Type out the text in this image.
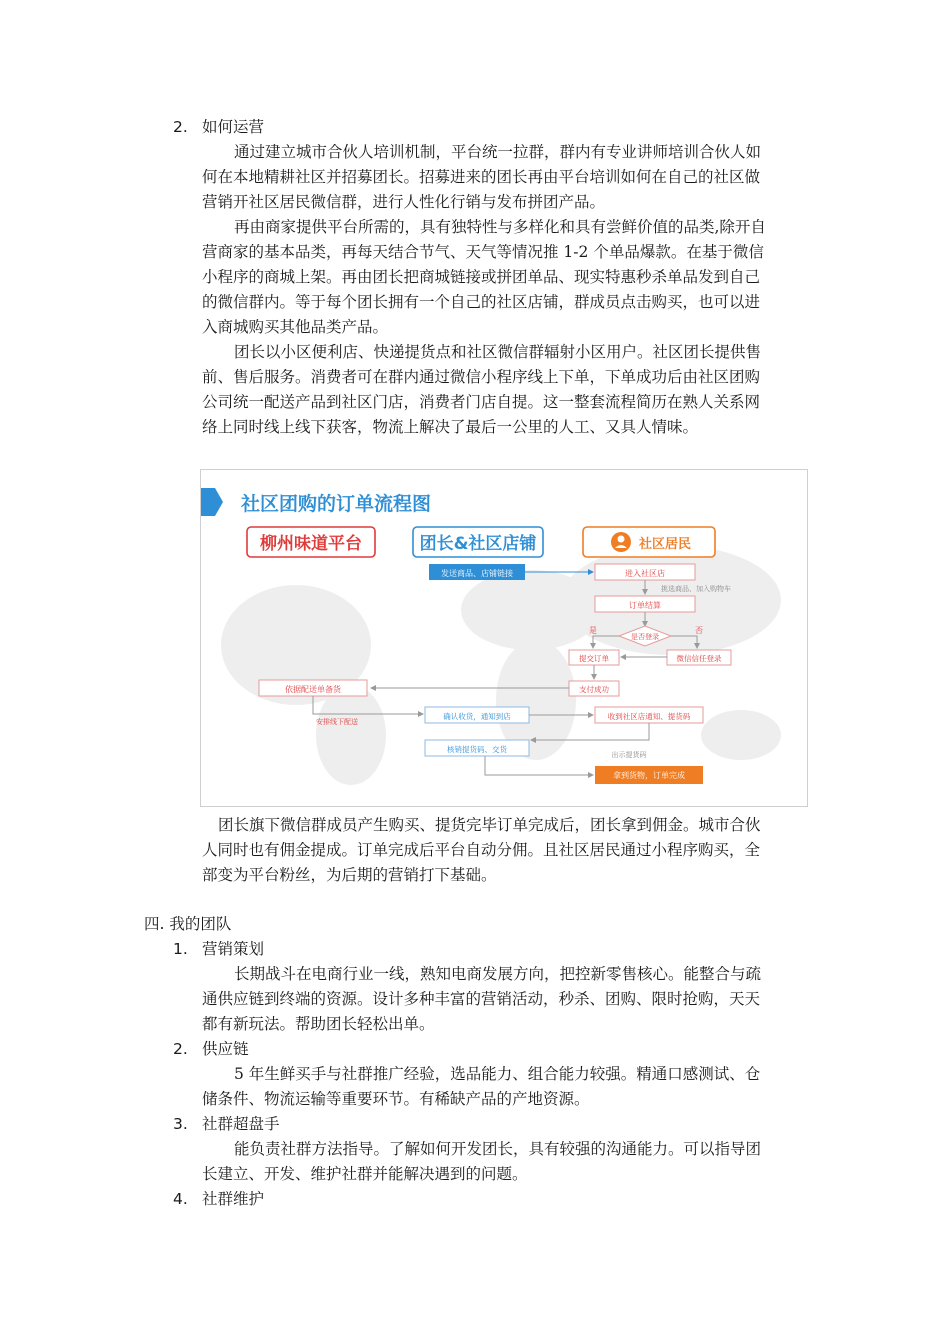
2. 如何运营
通过建立城市合伙人培训机制，平台统一拉群，群内有专业讲师培训合伙人如
何在本地精耕社区并招募团长。招募进来的团长再由平台培训如何在自己的社区做
营销开社区居民微信群，进行人性化行销与发布拼团产品。
再由商家提供平台所需的，具有独特性与多样化和具有尝鲜价值的品类,除开自
营商家的基本品类，再每天结合节气、天气等情况推 1-2 个单品爆款。在基于微信
小程序的商城上架。再由团长把商城链接或拼团单品、现实特惠秒杀单品发到自己
的微信群内。等于每个团长拥有一个自己的社区店铺，群成员点击购买，也可以进
入商城购买其他品类产品。
团长以小区便利店、快递提货点和社区微信群辐射小区用户。社区团长提供售
前、售后服务。消费者可在群内通过微信小程序线上下单，下单成功后由社区团购
公司统一配送产品到社区门店，消费者门店自提。这一整套流程简历在熟人关系网
络上同时线上线下获客，物流上解决了最后一公里的人工、又具人情味。
社区团购的订单流程图
柳州味道平台	团长&社区店铺	社区居民
发送商品、店铺链接	进入社区店
挑选商品、加入购物车
订单结算
是否登录
是	否
提交订单	微信信任登录
支付成功
依据配送单备货
安排线下配送
确认收货，通知到店	收到社区店通知、提货码
出示提货码
核销提货码、交货
拿到货物，订单完成
团长旗下微信群成员产生购买、提货完毕订单完成后，团长拿到佣金。城市合伙
人同时也有佣金提成。订单完成后平台自动分佣。且社区居民通过小程序购买，全
部变为平台粉丝，为后期的营销打下基础。
四. 我的团队
1. 营销策划
长期战斗在电商行业一线，熟知电商发展方向，把控新零售核心。能整合与疏
通供应链到终端的资源。设计多种丰富的营销活动，秒杀、团购、限时抢购，天天
都有新玩法。帮助团长轻松出单。
2. 供应链
5 年生鲜买手与社群推广经验，选品能力、组合能力较强。精通口感测试、仓
储条件、物流运输等重要环节。有稀缺产品的产地资源。
3. 社群超盘手
能负责社群方法指导。了解如何开发团长，具有较强的沟通能力。可以指导团
长建立、开发、维护社群并能解决遇到的问题。
4. 社群维护
